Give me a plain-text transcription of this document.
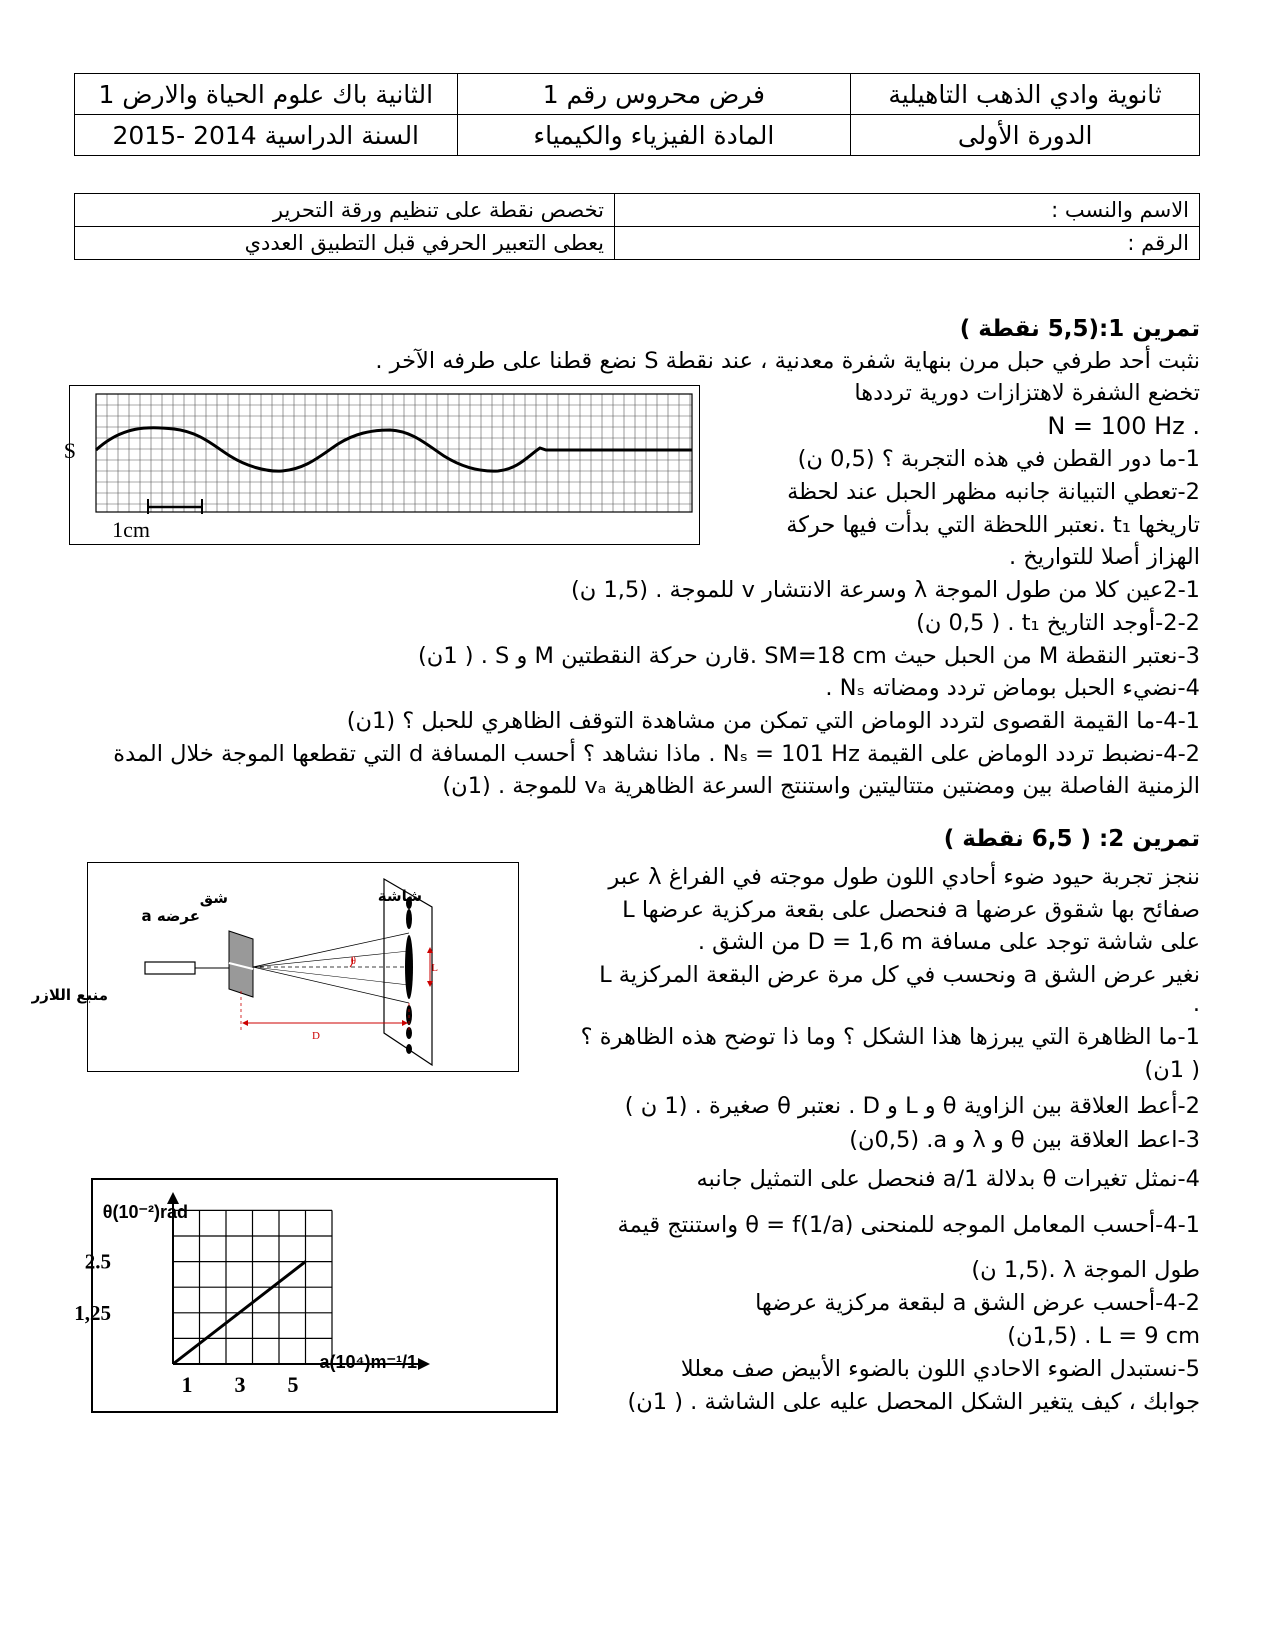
ثانوية وادي الذهب التاهيلية	فرض محروس رقم 1	الثانية باك علوم الحياة والارض 1
الدورة الأولى	المادة الفيزياء والكيمياء	السنة الدراسية 2014 -2015
الاسم والنسب :	تخصص نقطة على تنظيم ورقة التحرير
الرقم :	يعطى التعبير الحرفي قبل التطبيق العددي
تمرين 1:(5,5 نقطة )
نثبت أحد طرفي حبل مرن بنهاية شفرة معدنية ، عند نقطة S نضع قطنا على طرفه الآخر .
تخضع الشفرة لاهتزازات دورية ترددها
. N = 100 Hz
1-ما دور القطن في هذه التجربة ؟ (0,5 ن)
2-تعطي التبيانة جانبه مظهر الحبل عند لحظة
تاريخها t₁ .نعتبر اللحظة التي بدأت فيها حركة
الهزاز أصلا للتواريخ .
2-1عين كلا من طول الموجة λ وسرعة الانتشار v للموجة . (1,5 ن)
2-2-أوجد التاريخ t₁ . ( 0,5 ن)
3-نعتبر النقطة M من الحبل حيث SM=18 cm .قارن حركة النقطتين M و S . ( 1ن)
4-نضيء الحبل بوماض تردد ومضاته Nₛ .
4-1-ما القيمة القصوى لتردد الوماض التي تمكن من مشاهدة التوقف الظاهري للحبل ؟ (1ن)
4-2-نضبط تردد الوماض على القيمة Nₛ = 101 Hz . ماذا نشاهد ؟ أحسب المسافة d التي تقطعها الموجة خلال المدة
الزمنية الفاصلة بين ومضتين متتاليتين واستنتج السرعة الظاهرية vₐ للموجة . (1ن)
S
1cm
تمرين 2: ( 6,5 نقطة )
ننجز تجربة حيود ضوء أحادي اللون طول موجته في الفراغ λ عبر
صفائح بها شقوق عرضها a فنحصل على بقعة مركزية عرضها L
على شاشة توجد على مسافة D = 1,6 m من الشق .
نغير عرض الشق a ونحسب في كل مرة عرض البقعة المركزية L
.
1-ما الظاهرة التي يبرزها هذا الشكل ؟ وما ذا توضح هذه الظاهرة ؟
( 1ن)
2-أعط العلاقة بين الزاوية θ و L و D . نعتبر θ صغيرة . (1 ن )
3-اعط العلاقة بين θ و λ و a. (0,5ن)
4-نمثل تغيرات θ بدلالة 1/a فنحصل على التمثيل جانبه
4-1-أحسب المعامل الموجه للمنحنى θ = f(1/a) واستنتج قيمة
طول الموجة λ .(1,5 ن)
4-2-أحسب عرض الشق a لبقعة مركزية عرضها
L = 9 cm . (1,5ن)
5-نستبدل الضوء الاحادي اللون بالضوء الأبيض صف معللا
جوابك ، كيف يتغير الشكل المحصل عليه على الشاشة . ( 1ن)
منبع اللازر
شق
عرضه a
θ
شاشة
L
D
1 3 5
2.5
1,25
θ(10⁻²)rad
1/a(10⁴)m⁻¹
